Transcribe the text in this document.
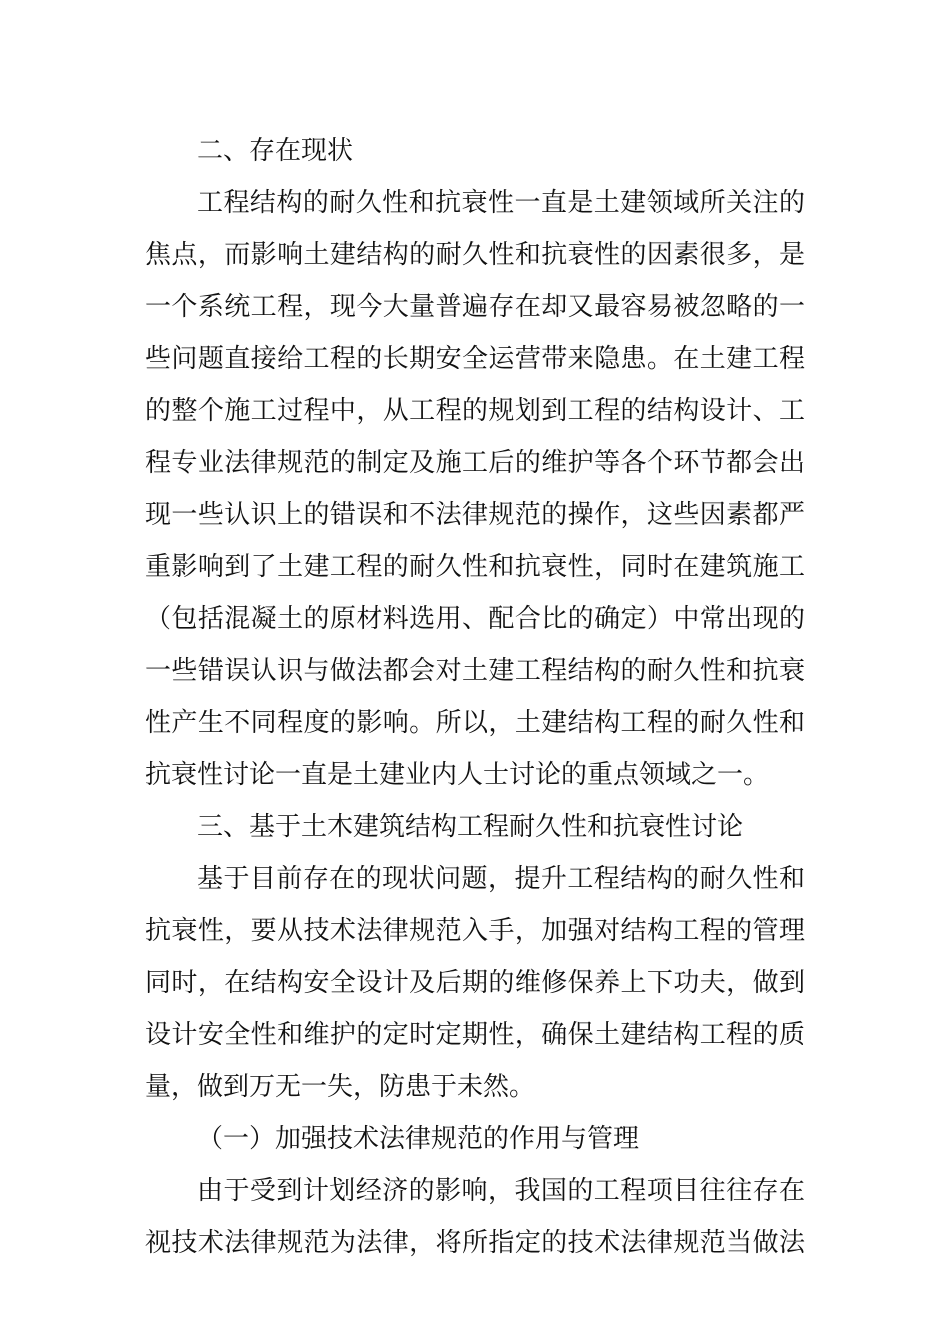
二、存在现状
工程结构的耐久性和抗衰性一直是土建领域所关注的
焦点，而影响土建结构的耐久性和抗衰性的因素很多，是
一个系统工程，现今大量普遍存在却又最容易被忽略的一
些问题直接给工程的长期安全运营带来隐患。在土建工程
的整个施工过程中，从工程的规划到工程的结构设计、工
程专业法律规范的制定及施工后的维护等各个环节都会出
现一些认识上的错误和不法律规范的操作，这些因素都严
重影响到了土建工程的耐久性和抗衰性，同时在建筑施工
（包括混凝土的原材料选用、配合比的确定）中常出现的
一些错误认识与做法都会对土建工程结构的耐久性和抗衰
性产生不同程度的影响。所以，土建结构工程的耐久性和
抗衰性讨论一直是土建业内人士讨论的重点领域之一。
三、基于土木建筑结构工程耐久性和抗衰性讨论
基于目前存在的现状问题，提升工程结构的耐久性和
抗衰性，要从技术法律规范入手，加强对结构工程的管理
同时，在结构安全设计及后期的维修保养上下功夫，做到
设计安全性和维护的定时定期性，确保土建结构工程的质
量，做到万无一失，防患于未然。
（一）加强技术法律规范的作用与管理
由于受到计划经济的影响，我国的工程项目往往存在
视技术法律规范为法律，将所指定的技术法律规范当做法
